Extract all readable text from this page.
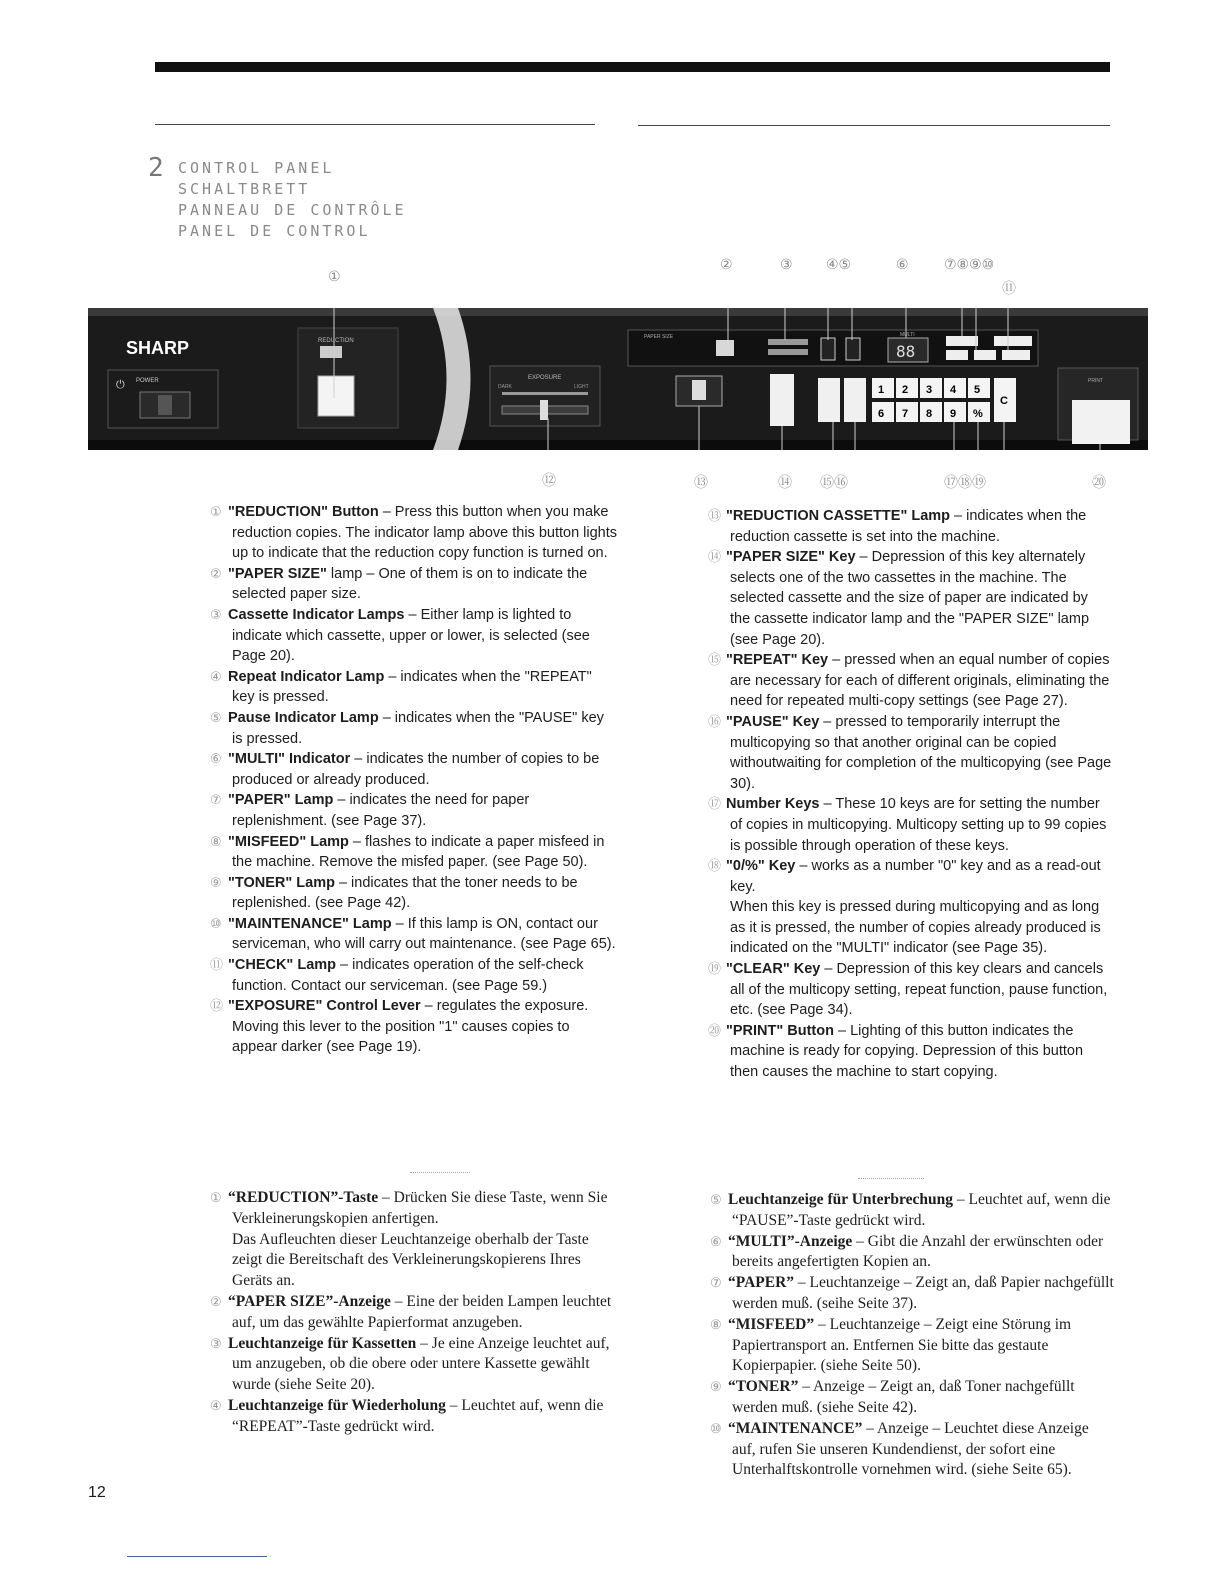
2 CONTROL PANEL
SCHALTBRETT
PANNEAU DE CONTRÔLE
PANEL DE CONTROL
SHARP
POWER
⏻
REDUCTION
EXPOSURE
DARK	LIGHT
PAPER SIZE	MULTI
88
1 2 3 4 5
6 7 8 9 %
C
PRINT
①
②	③ ④⑤	⑥	⑦⑧⑨⑩
⑪
⑫	⑬	⑭ ⑮⑯	⑰⑱⑲	⑳

① "REDUCTION" Button – Press this button when you make reduction copies. The indicator lamp above this button lights up to indicate that the reduction copy function is turned on.

② "PAPER SIZE" lamp – One of them is on to indicate the selected paper size.

③ Cassette Indicator Lamps – Either lamp is lighted to indicate which cassette, upper or lower, is selected (see Page 20).

④ Repeat Indicator Lamp – indicates when the "REPEAT" key is pressed.

⑤ Pause Indicator Lamp – indicates when the "PAUSE" key is pressed.

⑥ "MULTI" Indicator – indicates the number of copies to be produced or already produced.

⑦ "PAPER" Lamp – indicates the need for paper replenishment. (see Page 37).

⑧ "MISFEED" Lamp – flashes to indicate a paper misfeed in the machine. Remove the misfed paper. (see Page 50).

⑨ "TONER" Lamp – indicates that the toner needs to be replenished. (see Page 42).

⑩ "MAINTENANCE" Lamp – If this lamp is ON, contact our serviceman, who will carry out maintenance. (see Page 65).

⑪ "CHECK" Lamp – indicates operation of the self-check function. Contact our serviceman. (see Page 59.)

⑫ "EXPOSURE" Control Lever – regulates the exposure. Moving this lever to the position "1" causes copies to appear darker (see Page 19).

⑬ "REDUCTION CASSETTE" Lamp – indicates when the reduction cassette is set into the machine.

⑭ "PAPER SIZE" Key – Depression of this key alternately selects one of the two cassettes in the machine. The selected cassette and the size of paper are indicated by the cassette indicator lamp and the "PAPER SIZE" lamp (see Page 20).

⑮ "REPEAT" Key – pressed when an equal number of copies are necessary for each of different originals, eliminating the need for repeated multi-copy settings (see Page 27).

⑯ "PAUSE" Key – pressed to temporarily interrupt the multicopying so that another original can be copied withoutwaiting for completion of the multicopying (see Page 30).

⑰ Number Keys – These 10 keys are for setting the number of copies in multicopying. Multicopy setting up to 99 copies is possible through operation of these keys.

⑱ "0/%" Key – works as a number "0" key and as a read-out key.

When this key is pressed during multicopying and as long as it is pressed, the number of copies already produced is indicated on the "MULTI" indicator (see Page 35).

⑲ "CLEAR" Key – Depression of this key clears and cancels all of the multicopy setting, repeat function, pause function, etc. (see Page 34).

⑳ "PRINT" Button – Lighting of this button indicates the machine is ready for copying. Depression of this button then causes the machine to start copying.

① “REDUCTION”-Taste – Drücken Sie diese Taste, wenn Sie Verkleinerungskopien anfertigen.

Das Aufleuchten dieser Leuchtanzeige oberhalb der Taste zeigt die Bereitschaft des Verkleinerungskopierens Ihres Geräts an.

② “PAPER SIZE”-Anzeige – Eine der beiden Lampen leuchtet auf, um das gewählte Papierformat anzugeben.

③ Leuchtanzeige für Kassetten – Je eine Anzeige leuchtet auf, um anzugeben, ob die obere oder untere Kassette gewählt wurde (siehe Seite 20).

④ Leuchtanzeige für Wiederholung – Leuchtet auf, wenn die “REPEAT”-Taste gedrückt wird.

⑤ Leuchtanzeige für Unterbrechung – Leuchtet auf, wenn die “PAUSE”-Taste gedrückt wird.

⑥ “MULTI”-Anzeige – Gibt die Anzahl der erwünschten oder bereits angefertigten Kopien an.

⑦ “PAPER” – Leuchtanzeige – Zeigt an, daß Papier nachgefüllt werden muß. (seihe Seite 37).

⑧ “MISFEED” – Leuchtanzeige – Zeigt eine Störung im Papiertransport an. Entfernen Sie bitte das gestaute Kopierpapier. (siehe Seite 50).

⑨ “TONER” – Anzeige – Zeigt an, daß Toner nachgefüllt werden muß. (siehe Seite 42).

⑩ “MAINTENANCE” – Anzeige – Leuchtet diese Anzeige auf, rufen Sie unseren Kundendienst, der sofort eine Unterhalftskontrolle vornehmen wird. (siehe Seite 65).

12
